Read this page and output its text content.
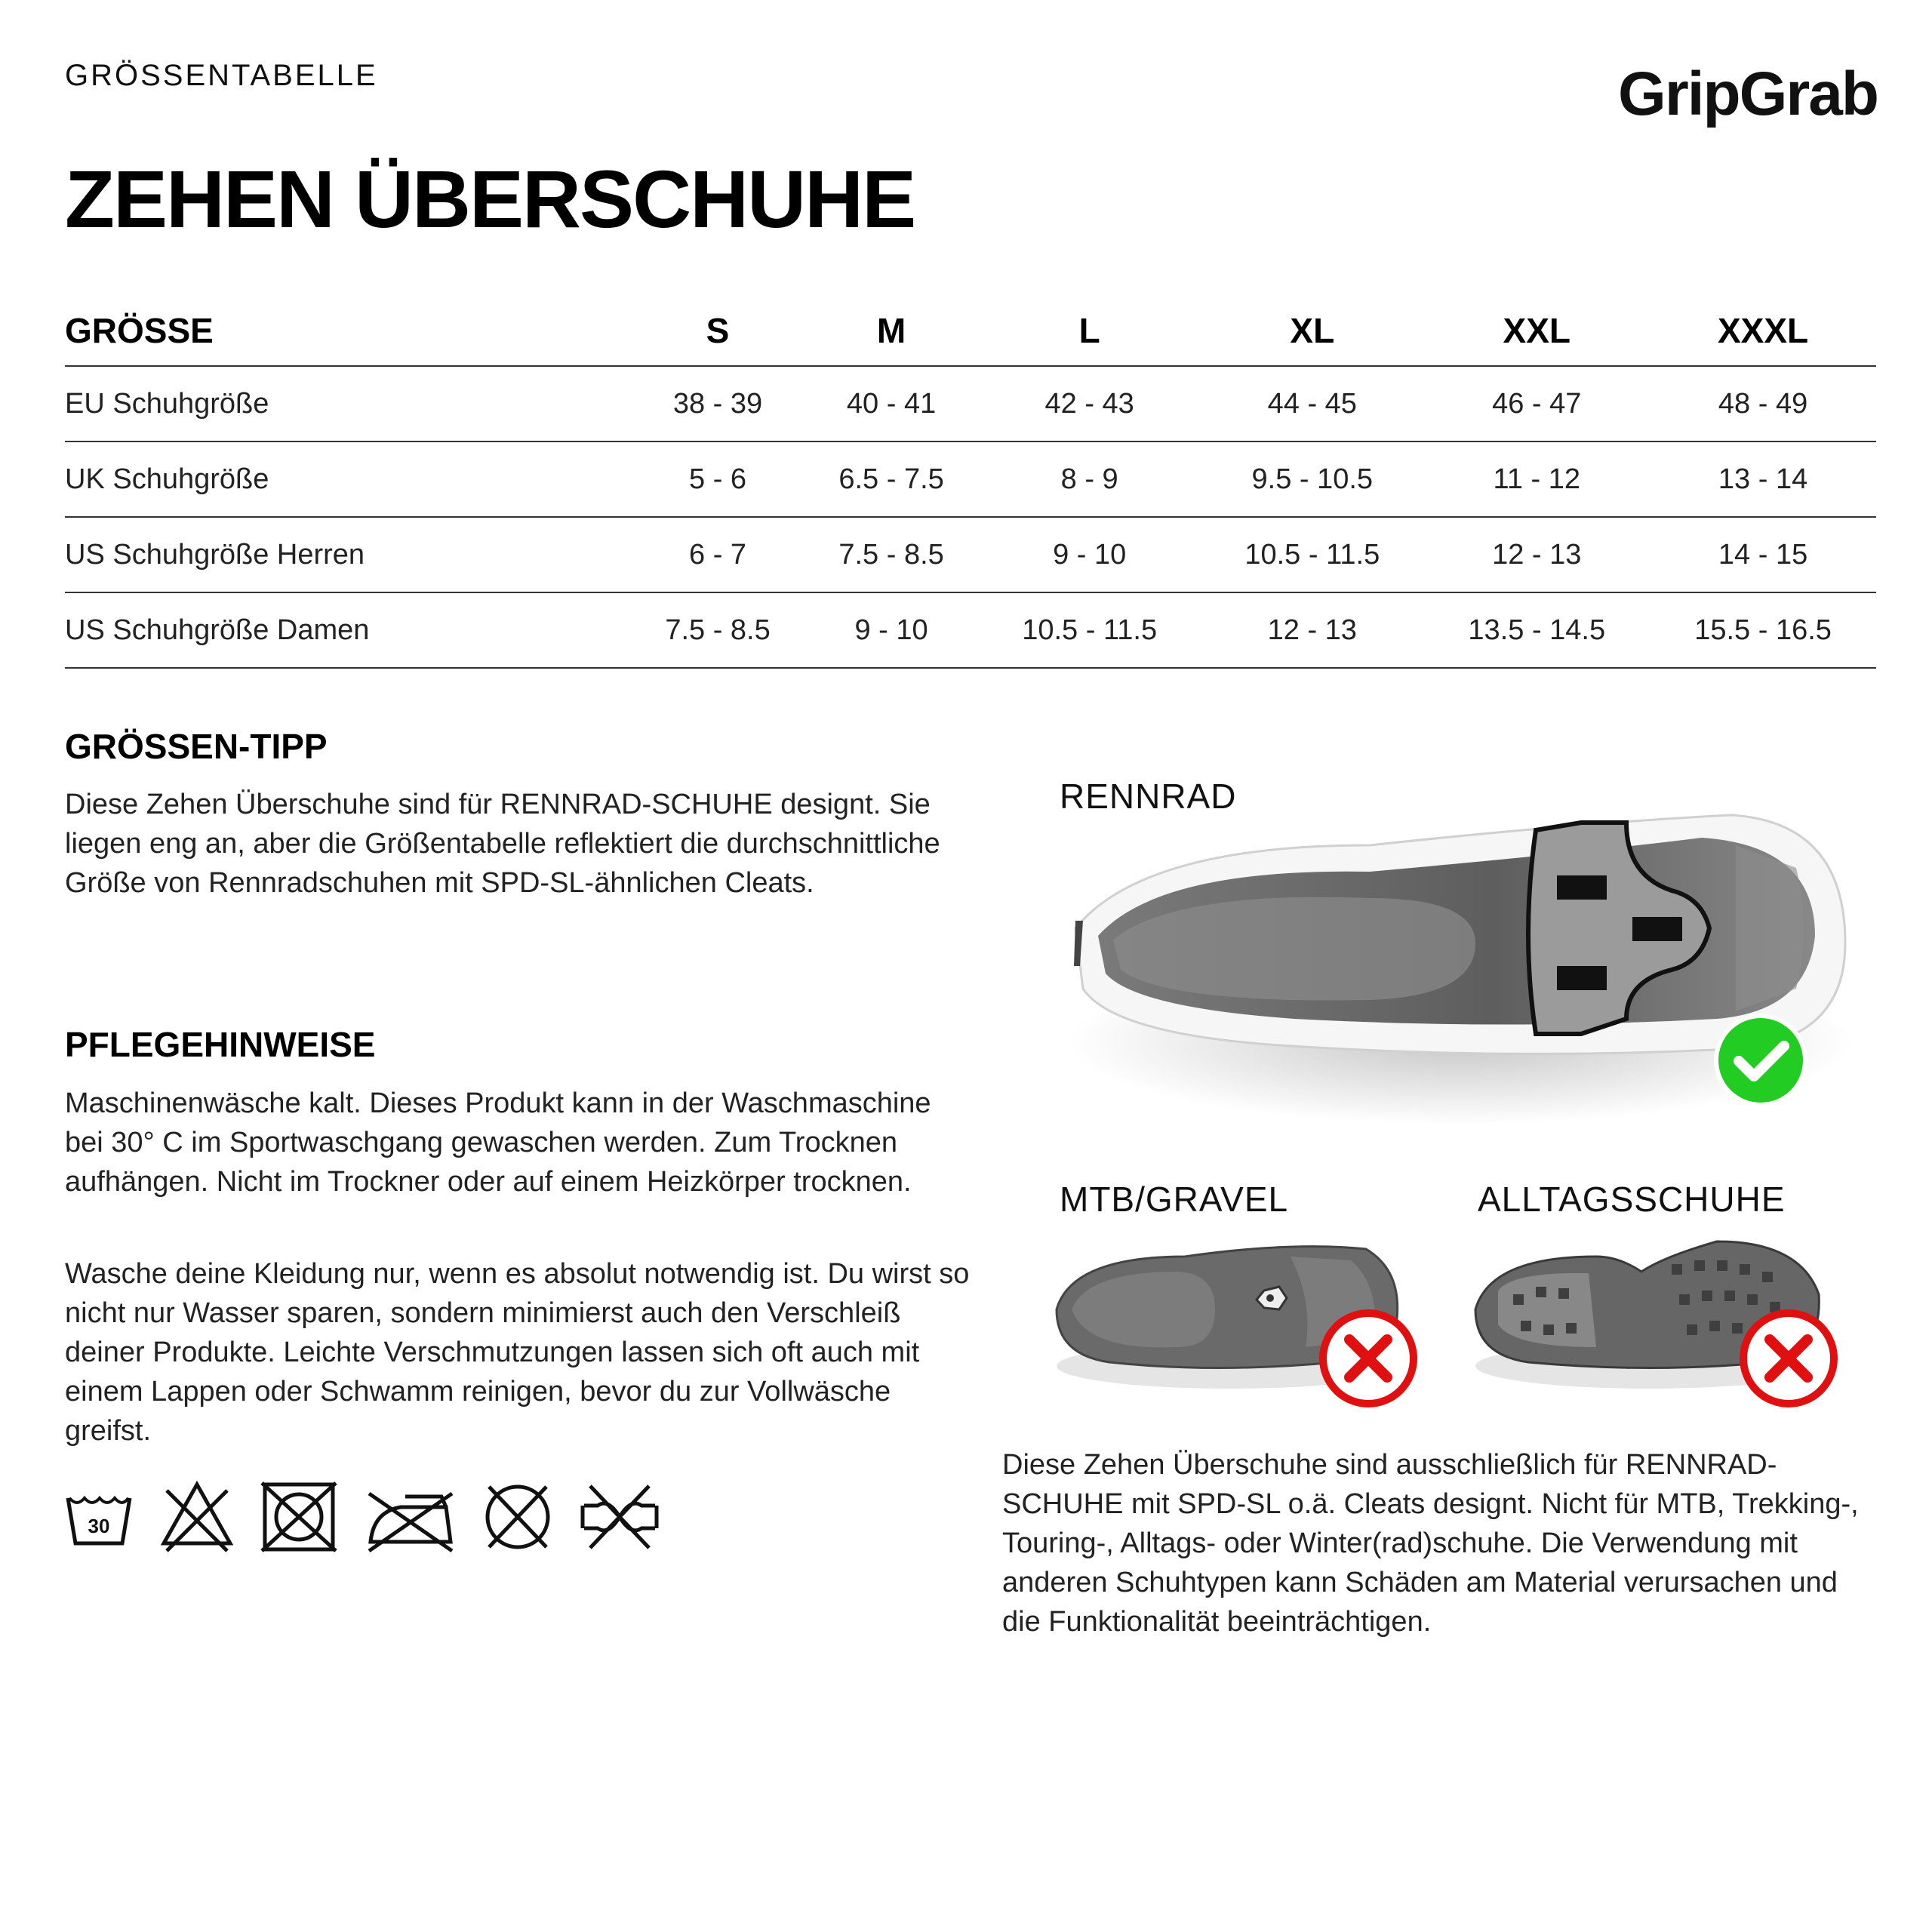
GRÖSSENTABELLE	GripGrab
ZEHEN ÜBERSCHUHE
GRÖSSE	S	M	L	XL	XXL	XXXL
EU Schuhgröße	38 - 39	40 - 41	42 - 43	44 - 45	46 - 47	48 - 49
UK Schuhgröße	5 - 6	6.5 - 7.5	8 - 9	9.5 - 10.5	11 - 12	13 - 14
US Schuhgröße Herren	6 - 7	7.5 - 8.5	9 - 10	10.5 - 11.5	12 - 13	14 - 15
US Schuhgröße Damen	7.5 - 8.5	9 - 10	10.5 - 11.5	12 - 13	13.5 - 14.5	15.5 - 16.5
GRÖSSEN-TIPP
Diese Zehen Überschuhe sind für RENNRAD-SCHUHE designt. Sie liegen eng an, aber die Größentabelle reflektiert die durchschnittliche Größe von Rennradschuhen mit SPD-SL-ähnlichen Cleats.
PFLEGEHINWEISE
Maschinenwäsche kalt. Dieses Produkt kann in der Waschmaschine bei 30° C im Sportwaschgang gewaschen werden. Zum Trocknen aufhängen. Nicht im Trockner oder auf einem Heizkörper trocknen.
Wasche deine Kleidung nur, wenn es absolut notwendig ist. Du wirst so nicht nur Wasser sparen, sondern minimierst auch den Verschleiß deiner Produkte. Leichte Verschmutzungen lassen sich oft auch mit einem Lappen oder Schwamm reinigen, bevor du zur Vollwäsche greifst.
30
RENNRAD
MTB/GRAVEL	ALLTAGSSCHUHE
Diese Zehen Überschuhe sind ausschließlich für RENNRAD-SCHUHE mit SPD-SL o.ä. Cleats designt. Nicht für MTB, Trekking-, Touring-, Alltags- oder Winter(rad)schuhe. Die Verwendung mit anderen Schuhtypen kann Schäden am Material verursachen und die Funktionalität beeinträchtigen.
